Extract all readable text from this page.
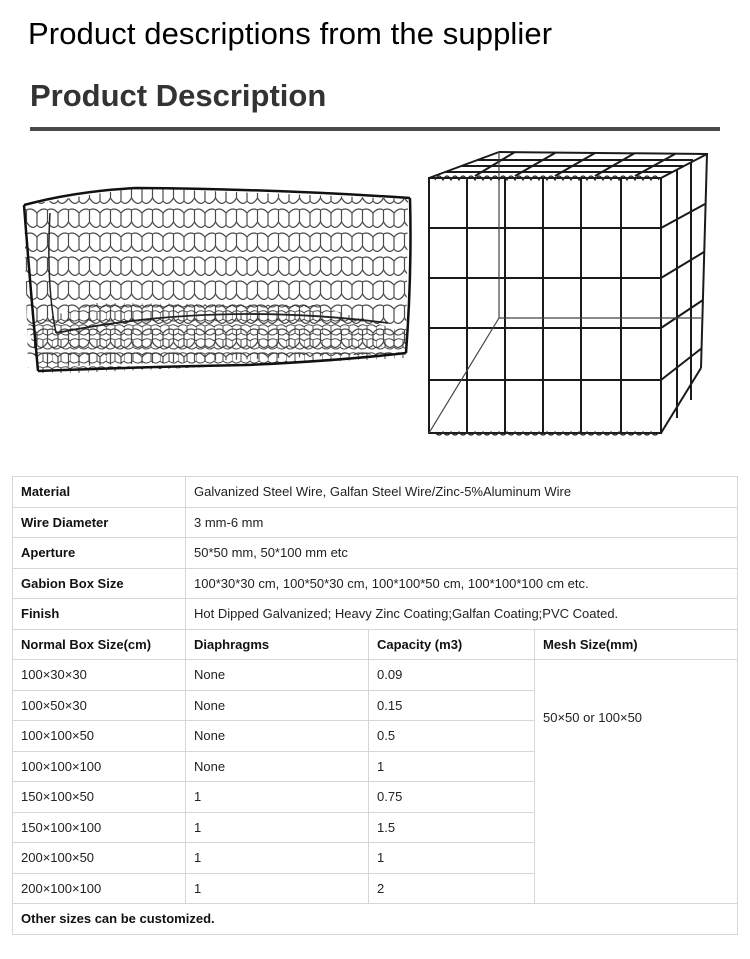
Product descriptions from the supplier
Product Description
Material	Galvanized Steel Wire, Galfan Steel Wire/Zinc-5%Aluminum Wire		
Wire Diameter	3 mm-6 mm		
Aperture	50*50 mm, 50*100 mm etc		
Gabion Box Size	100*30*30 cm, 100*50*30 cm, 100*100*50 cm, 100*100*100 cm etc.		
Finish	Hot Dipped Galvanized; Heavy Zinc Coating;Galfan Coating;PVC Coated.		
Normal Box Size(cm)	Diaphragms	Capacity (m3)	Mesh Size(mm)
100×30×30	None	0.09	50×50 or 100×50

100×50×30	None	0.15	
100×100×50	None	0.5	
100×100×100	None	1	
150×100×50	1	0.75	
150×100×100	1	1.5	
200×100×50	1	1	
200×100×100	1	2	
Other sizes can be customized.			
